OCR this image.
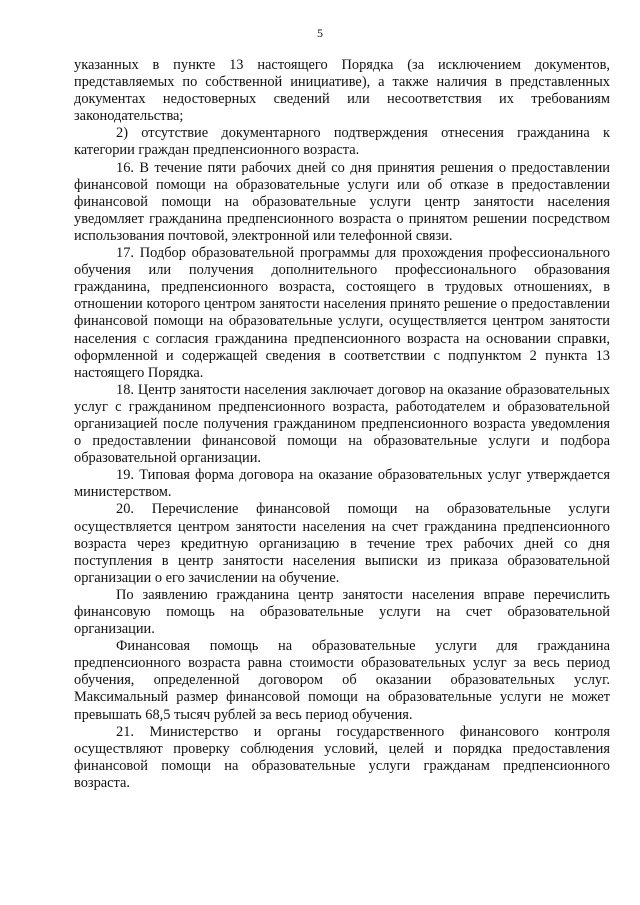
5

указанных в пункте 13 настоящего Порядка (за исключением документов, представляемых по собственной инициативе), а также наличия в представленных документах недостоверных сведений или несоответствия их требованиям законодательства;

2) отсутствие документарного подтверждения отнесения гражданина к категории граждан предпенсионного возраста.

16. В течение пяти рабочих дней со дня принятия решения о предоставлении финансовой помощи на образовательные услуги или об отказе в предоставлении финансовой помощи на образовательные услуги центр занятости населения уведомляет гражданина предпенсионного возраста о принятом решении посредством использования почтовой, электронной или телефонной связи.

17. Подбор образовательной программы для прохождения профессионального обучения или получения дополнительного профессионального образования гражданина, предпенсионного возраста, состоящего в трудовых отношениях, в отношении которого центром занятости населения принято решение о предоставлении финансовой помощи на образовательные услуги, осуществляется центром занятости населения с согласия гражданина предпенсионного возраста на основании справки, оформленной и содержащей сведения в соответствии с подпунктом 2 пункта 13 настоящего Порядка.

18. Центр занятости населения заключает договор на оказание образовательных услуг с гражданином предпенсионного возраста, работодателем и образовательной организацией после получения гражданином предпенсионного возраста уведомления о предоставлении финансовой помощи на образовательные услуги и подбора образовательной организации.

19. Типовая форма договора на оказание образовательных услуг утверждается министерством.

20. Перечисление финансовой помощи на образовательные услуги осуществляется центром занятости населения на счет гражданина предпенсионного возраста через кредитную организацию в течение трех рабочих дней со дня поступления в центр занятости населения выписки из приказа образовательной организации о его зачислении на обучение.

По заявлению гражданина центр занятости населения вправе перечислить финансовую помощь на образовательные услуги на счет образовательной организации.

Финансовая помощь на образовательные услуги для гражданина предпенсионного возраста равна стоимости образовательных услуг за весь период обучения, определенной договором об оказании образовательных услуг. Максимальный размер финансовой помощи на образовательные услуги не может превышать 68,5 тысяч рублей за весь период обучения.

21. Министерство и органы государственного финансового контроля осуществляют проверку соблюдения условий, целей и порядка предоставления финансовой помощи на образовательные услуги гражданам предпенсионного возраста.
